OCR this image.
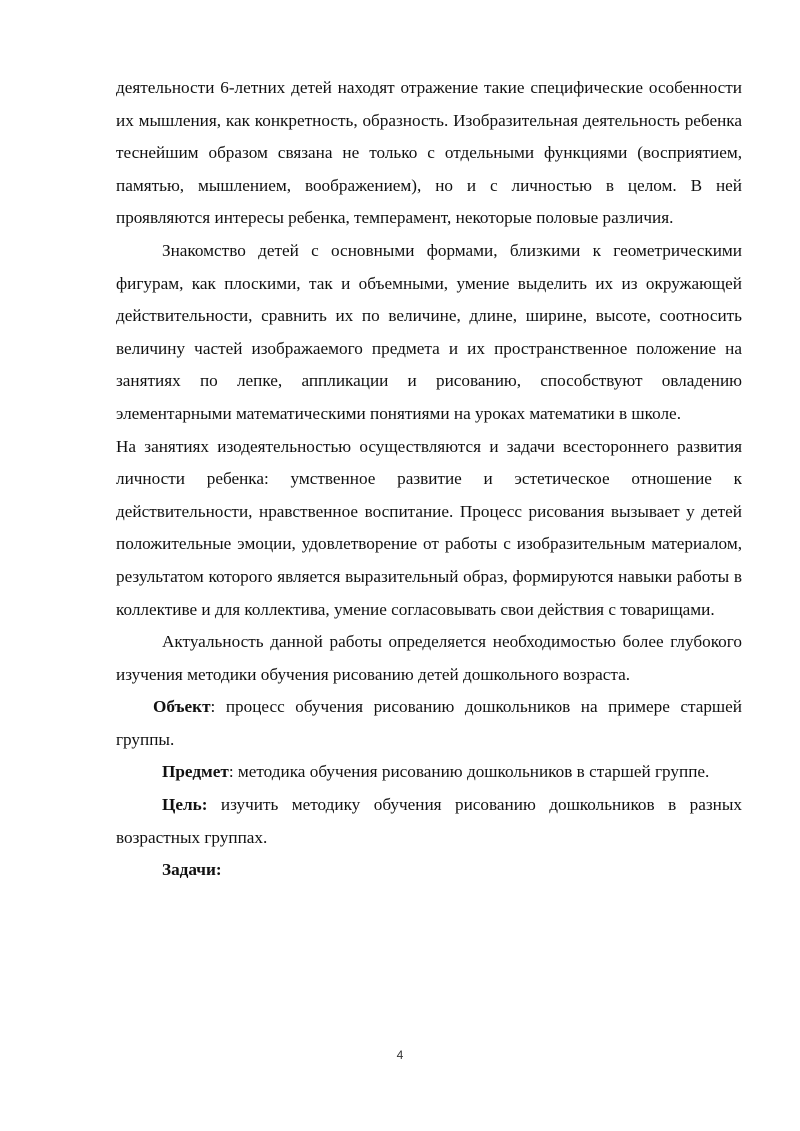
деятельности 6-летних детей находят отражение такие специфические особенности их мышления, как конкретность, образность. Изобразительная деятельность ребенка теснейшим образом связана не только с отдельными функциями (восприятием, памятью, мышлением, воображением), но и с личностью в целом. В ней проявляются интересы ребенка, темперамент, некоторые половые различия.

Знакомство детей с основными формами, близкими к геометрическими фигурам, как плоскими, так и объемными, умение выделить их из окружающей действительности, сравнить их по величине, длине, ширине, высоте, соотносить величину частей изображаемого предмета и их пространственное положение на занятиях по лепке, аппликации и рисованию, способствуют овладению элементарными математическими понятиями на уроках математики в школе.

На занятиях изодеятельностью осуществляются и задачи всестороннего развития личности ребенка: умственное развитие и эстетическое отношение к действительности, нравственное воспитание. Процесс рисования вызывает у детей положительные эмоции, удовлетворение от работы с изобразительным материалом, результатом которого является выразительный образ, формируются навыки работы в коллективе и для коллектива, умение согласовывать свои действия с товарищами.

Актуальность данной работы определяется необходимостью более глубокого изучения методики обучения рисованию детей дошкольного возраста.

Объект: процесс обучения рисованию дошкольников на примере старшей группы.

Предмет: методика обучения рисованию дошкольников в старшей группе.

Цель: изучить методику обучения рисованию дошкольников в разных возрастных группах.

Задачи:

4
